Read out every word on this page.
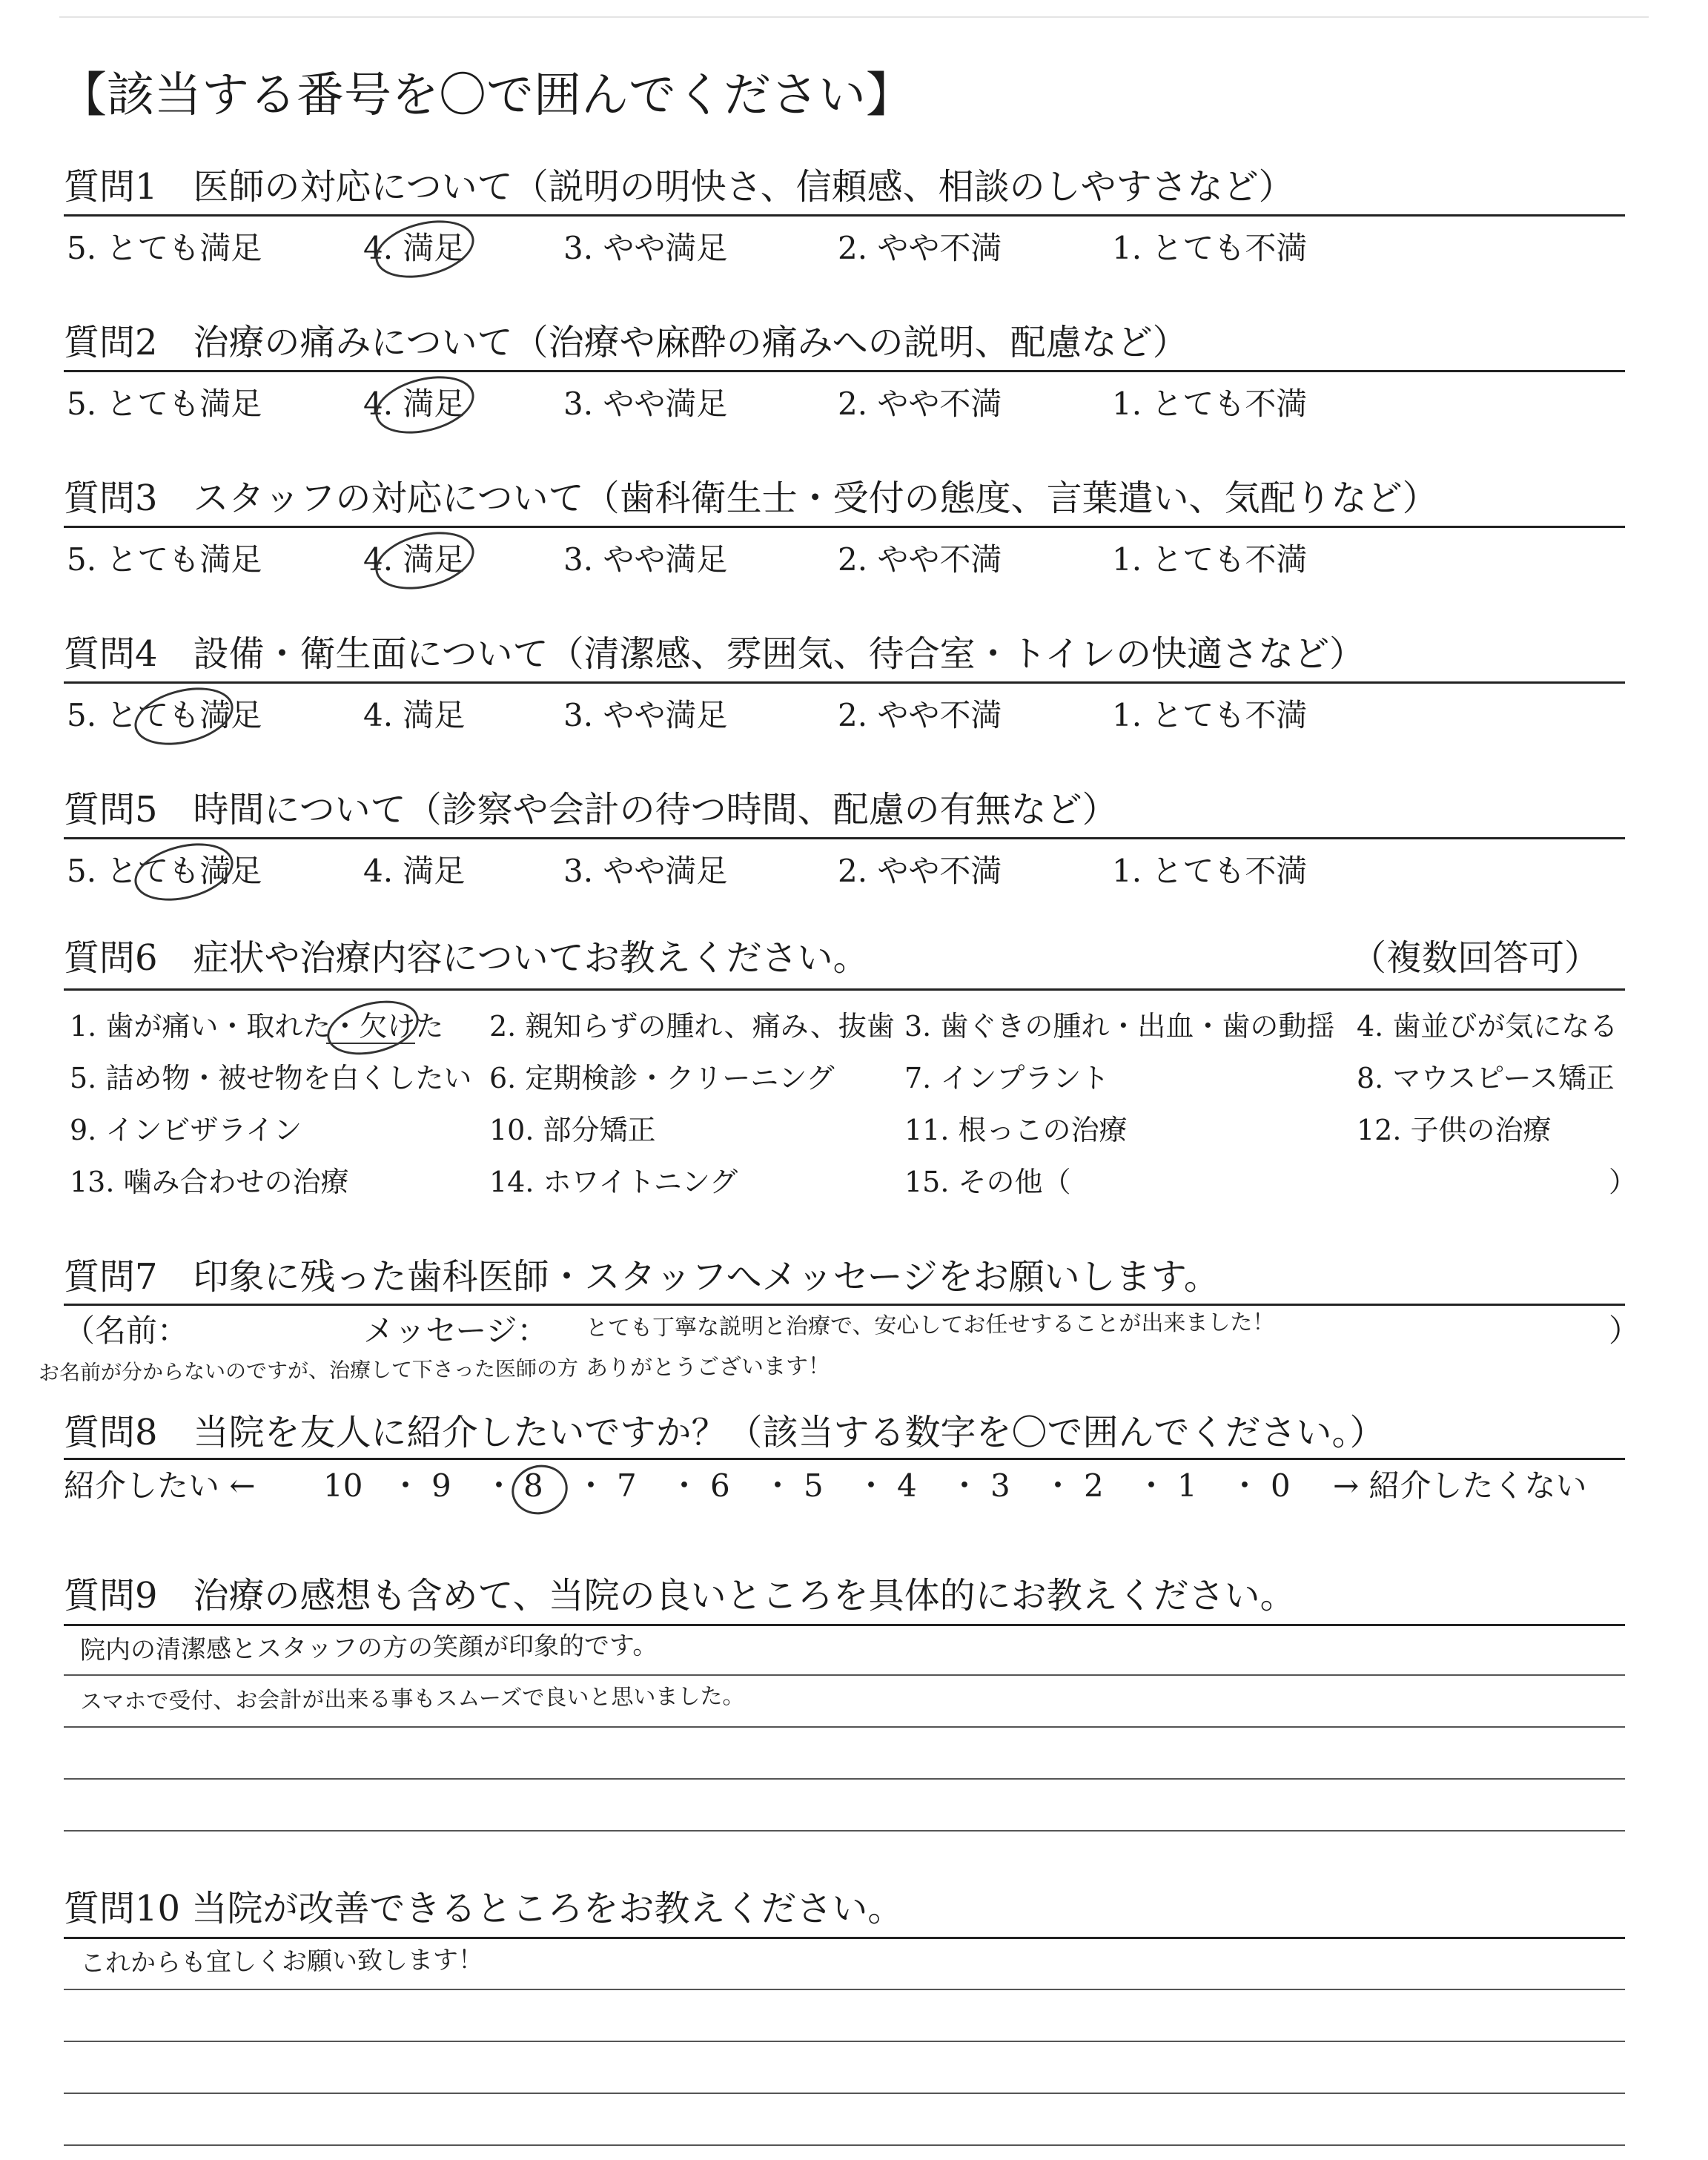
【該当する番号を〇で囲んでください】
質問1　医師の対応について（説明の明快さ、信頼感、相談のしやすさなど）
5. とても満足	4. 満足	3. やや満足	2. やや不満	1. とても不満
質問2　治療の痛みについて（治療や麻酔の痛みへの説明、配慮など）
5. とても満足	4. 満足	3. やや満足	2. やや不満	1. とても不満
質問3　スタッフの対応について（歯科衛生士・受付の態度、言葉遣い、気配りなど）
5. とても満足	4. 満足	3. やや満足	2. やや不満	1. とても不満
質問4　設備・衛生面について（清潔感、雰囲気、待合室・トイレの快適さなど）
5. とても満足	4. 満足	3. やや満足	2. やや不満	1. とても不満
質問5　時間について（診察や会計の待つ時間、配慮の有無など）
5. とても満足	4. 満足	3. やや満足	2. やや不満	1. とても不満
質問6　症状や治療内容についてお教えください。	（複数回答可）
1. 歯が痛い・取れた・欠けた 2. 親知らずの腫れ、痛み、抜歯 3. 歯ぐきの腫れ・出血・歯の動揺 4. 歯並びが気になる
5. 詰め物・被せ物を白くしたい 6. 定期検診・クリーニング 7. インプラント	8. マウスピース矯正
9. インビザライン	10. 部分矯正	11. 根っこの治療	12. 子供の治療
13. 噛み合わせの治療	14. ホワイトニング	15. その他（	）
質問7　印象に残った歯科医師・スタッフへメッセージをお願いします。
（名前：	メッセージ：	）
お名前が分からないのですが、治療して下さった医師の方
とても丁寧な説明と治療で、安心してお任せすることが出来ました！
ありがとうございます！
質問8　当院を友人に紹介したいですか？（該当する数字を〇で囲んでください。）
紹介したい ← 10 ・ 9 ・ 8 ・ 7 ・ 6 ・ 5 ・ 4 ・ 3 ・ 2 ・ 1 ・ 0 → 紹介したくない
質問9　治療の感想も含めて、当院の良いところを具体的にお教えください。
院内の清潔感とスタッフの方の笑顔が印象的です。
スマホで受付、お会計が出来る事もスムーズで良いと思いました。
質問10 当院が改善できるところをお教えください。
これからも宜しくお願い致します！
